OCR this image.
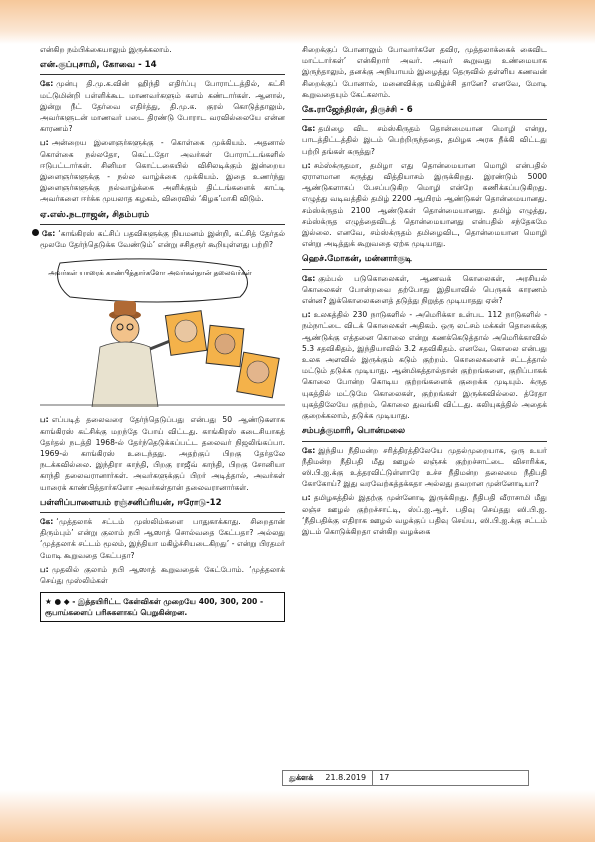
என்கிற நம்பிக்கையாலும் இருக்கலாம்.

என்.குப்புசாமி, கோவை - 14

கே: முன்பு தி.மு.க.வின் ஹிந்தி எதிர்ப்பு போராட்டத்தில், கட்சி மட்டுமின்றி பள்ளிக்கூட மாணவர்களும் களம் கண்டார்கள். ஆனால், இன்று நீட் தேர்வை எதிர்த்து, தி.மு.க. குரல் கொடுத்தாலும், அவர்களுடன் மாணவர் படை திரண்டு போராட வரவில்லையே என்ன காரணம்?

ப: அன்றைய இளைஞர்களுக்கு - கொள்கை முக்கியம். அதனால் கொள்கை நல்லதோ, கெட்டதோ அவர்கள் போராட்டங்களில் ஈடுபட்டார்கள். சினிமா கொட்டகையில் விசிலடிக்கும் இன்றைய இளைஞர்களுக்கு - நல்ல வாழ்க்கை முக்கியம். இதை உணர்ந்து இளைஞர்களுக்கு நல்வாழ்க்கை அளிக்கும் திட்டங்களைக் காட்டி அவர்களை ஈர்க்க முயலாத கழகம், விரைவில் ‘கிழக’மாகி விடும்.

ஏ.எஸ்.நடராஜன், சிதம்பரம்

கே: ‘காங்கிரஸ் கட்சிப் பதவிகளுக்கு நியமனம் இன்றி, கட்சித் தேர்தல் மூலமே தேர்ந்தெடுக்க வேண்டும்’ என்று சசிதரூர் கூறியுள்ளது பற்றி?

அவர்கள் யாரைக் காண்பித்தார்களோ அவர்கள்தான் தலைவர்கள்

ப: எப்படித் தலைவரை தேர்ந்தெடுப்பது என்பது 50 ஆண்டுகளாக காங்கிரஸ் கட்சிக்கு மறந்தே போய் விட்டது. காங்கிரஸ் கடைசியாகத் தேர்தல் நடத்தி 1968-ல் தேர்ந்தெடுக்கப்பட்ட தலைவர் நிஜலிங்கப்பா. 1969-ல் காங்கிரஸ் உடைந்தது. அதற்குப் பிறகு தேர்தலே நடக்கவில்லை. இந்திரா காந்தி, பிறகு ராஜீவ் காந்தி, பிறகு சோனியா காந்தி தலைவரானார்கள். அவர்களுக்குப் பிறர் அடித்தால், அவர்கள் யாரைக் காண்பித்தார்களோ அவர்கள்தான் தலைவரானார்கள்.

பள்ளிப்பாளையம் ரஞ்சனிப்ரியன், ஈரோடு-12

கே: ‘முத்தலாக் சட்டம் முஸ்லிம்களை பாதுகாக்காது. சிறைதான் திரும்பும்’ என்று குலாம் நபி ஆஸாத் சொல்வதை கேட்பதா? அல்லது ‘முத்தலாக் சட்டம் மூலம், இந்தியா மகிழ்ச்சியடைகிறது’ - என்று பிரதமர் மோடி கூறுவதை கேட்பதா?

ப: முதலில் குலாம் நபி ஆஸாத் கூறுவதைக் கேட்போம். ‘முத்தலாக் செய்து முஸ்லிம்கள்

★ ● ◆ - இத்தயிரிட்ட கேள்விகள் முறையே 400, 300, 200 - ரூபாய்களைப் பரிசுகளாகப் பெறுகின்றன.

சிறைக்குப் போனாலும் போவார்களே தவிர, முத்தலாக்கைக் கைவிட மாட்டார்கள்’ என்கிறார் அவர். அவர் கூறுவது உண்மையாக இருந்தாலும், தனக்கு அநியாயம் இழைத்து தெருவில் தள்ளிய கணவன் சிறைக்குப் போனால், மனைவிக்கு மகிழ்ச்சி தானே? எனவே, மோடி கூறுவதையும் கேட்கலாம்.

கே.ராஜேந்திரன், திருச்சி - 6

கே: தமிழை விட சம்ஸ்கிருதம் தொன்மையான மொழி என்று, பாடத்திட்டத்தில் இடம் பெற்றிருந்ததை, தமிழக அரசு நீக்கி விட்டது பற்றி தங்கள் கருத்து?

ப: சம்ஸ்க்ருதமா, தமிழா எது தொன்மையான மொழி என்பதில் ஏராளமான கருத்து வித்தியாசம் இருக்கிறது. இரண்டும் 5000 ஆண்டுகளாகப் பேசப்படுகிற மொழி என்றே கணிக்கப்படுகிறது. எழுத்து வடிவத்தில் தமிழ் 2200 ஆயிரம் ஆண்டுகள் தொன்மையானது. சம்ஸ்க்ருதம் 2100 ஆண்டுகள் தொன்மையானது. தமிழ் எழுத்து, சம்ஸ்க்ருத எழுத்தைவிடத் தொன்மையானது என்பதில் சந்தேகமே இல்லை. எனவே, சம்ஸ்க்ருதம் தமிழைவிட, தொன்மையான மொழி என்று அடித்துக் கூறுவதை ஏற்க முடியாது.

ஹெச்.மோகன், மன்னார்குடி

கே: கும்பல் படுகொலைகள், ஆணவக் கொலைகள், அரசியல் கொலைகள் போன்றவை தற்போது இதியாவில் பெருகக் காரணம் என்ன? இக்கொலைகளைத் தடுத்து நிறுத்த முடியாதது ஏன்?

ப: உலகத்தில் 230 நாடுகளில் - அமெரிக்கா உள்பட 112 நாடுகளில் - நம்நாட்டை விடக் கொலைகள் அதிகம். ஒரு லட்சம் மக்கள் தொகைக்கு ஆண்டுக்கு எத்தனை கொலை என்று கணக்கெடுத்தால் அமெரிக்காவில் 5.3 சதவிகிதம், இந்தியாவில் 3.2 சதவிகிதம். எனவே, கொலை என்பது உலக அளவில் இருக்கும் கடும் குற்றம். கொலைகளைச் சட்டத்தால் மட்டும் தடுக்க முடியாது. ஆன்மிகத்தால்தான் குற்றங்களை, குறிப்பாகக் கொலை போன்ற கொடிய குற்றங்களைக் குறைக்க முடியும். க்ருத யுகத்தில் மட்டுமே கொலைகள், குற்றங்கள் இருக்கவில்லை. த்ரேதா யுகத்திலேயே குற்றம், கொலை துவங்கி விட்டது. கலியுகத்தில் அதைக் குறைக்கலாம், தடுக்க முடியாது.

சம்பத்குமாரி, பொன்மலை

கே: இந்திய நீதிமன்ற சரித்திரத்திலேயே முதல்முறையாக, ஒரு உயர் நீதிமன்ற நீதிபதி மீது ஊழல் லஞ்சக் குற்றச்சாட்டை விசாரிக்க, ஸி.பி.ஐ.க்கு உத்தரவிட்டுள்ளாரே உச்ச நீதிமன்ற தலைமை நீதிபதி கோகோய்? இது வரவேற்கத்தக்கதா அல்லது தவறான முன்னோடியா?

ப: தமிழகத்தில் இதற்கு முன்னோடி இருக்கிறது. நீதிபதி வீராசாமி மீது லஞ்ச ஊழல் குற்றச்சாட்டி, ஸ்ப்.ஐ.ஆர். பதிவு செய்தது ஸி.பி.ஐ. ‘நீதிபதிக்கு எதிராக ஊழல் வழக்குப் பதிவு செய்ய, ஸி.பி.ஐ.க்கு சட்டம் இடம் கொடுக்கிறதா என்கிற வழக்கை

துக்ளக்	21.8.2019	17
